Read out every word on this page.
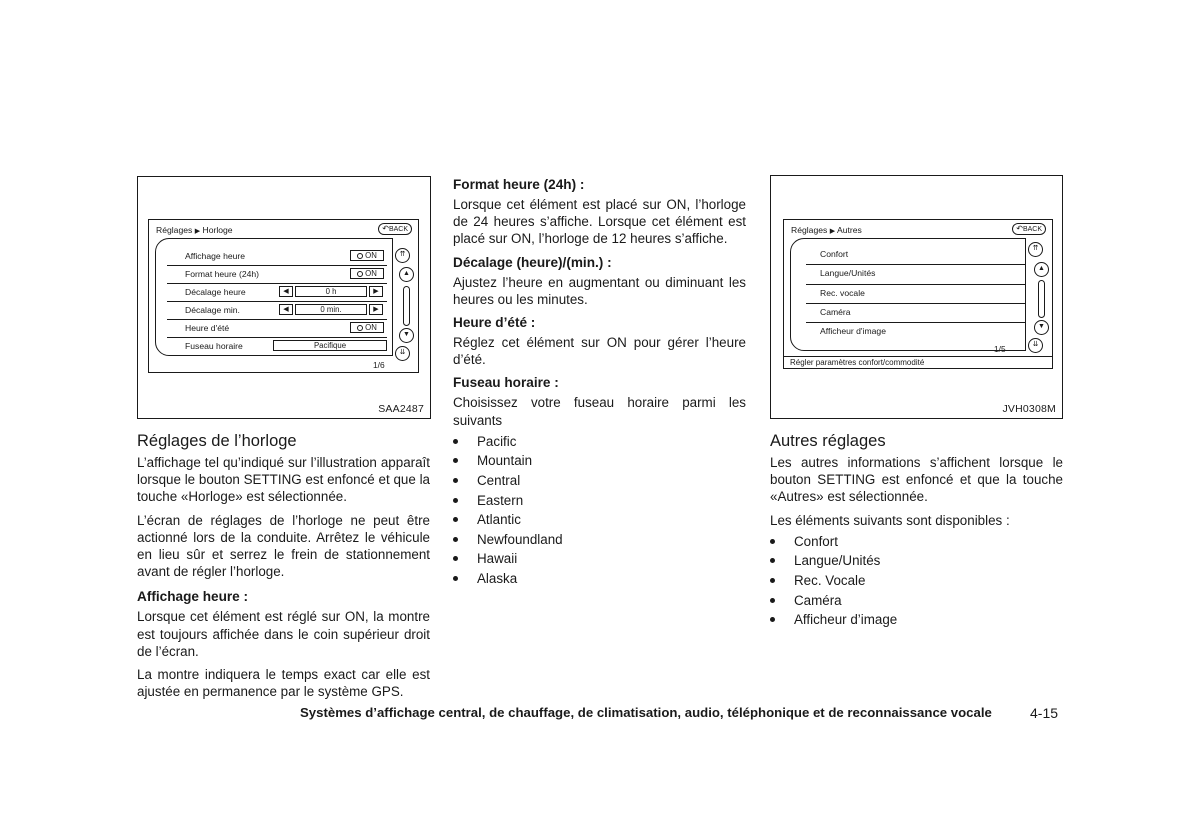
Réglages ▶ Horloge	↶BACK
Affichage heure	ON
Format heure (24h)	ON
Décalage heure	◀	0 h	▶
Décalage min.	◀	0 min.	▶
Heure d'été	ON
Fuseau horaire	Pacifique
⇈
▲
▼
⇊
1/6
SAA2487
Réglages ▶ Autres	↶BACK
Confort
Langue/Unités
Rec. vocale
Caméra
Afficheur d'image
⇈
▲
▼
⇊
1/5
Régler paramètres confort/commodité
JVH0308M
Réglages de l’horloge

L’affichage tel qu’indiqué sur l’illustration apparaît lorsque le bouton SETTING est enfoncé et que la touche «Horloge» est sélectionnée.

L’écran de réglages de l’horloge ne peut être actionné lors de la conduite. Arrêtez le véhicule en lieu sûr et serrez le frein de stationnement avant de régler l’horloge.

Affichage heure :

Lorsque cet élément est réglé sur ON, la montre est toujours affichée dans le coin supérieur droit de l’écran.

La montre indiquera le temps exact car elle est ajustée en permanence par le système GPS.

Format heure (24h) :

Lorsque cet élément est placé sur ON, l’horloge de 24 heures s’affiche. Lorsque cet élément est placé sur ON, l’horloge de 12 heures s’affiche.

Décalage (heure)/(min.) :

Ajustez l’heure en augmentant ou diminuant les heures ou les minutes.

Heure d’été :

Réglez cet élément sur ON pour gérer l’heure d’été.

Fuseau horaire :

Choisissez votre fuseau horaire parmi les suivants

Pacific
Mountain
Central
Eastern
Atlantic
Newfoundland
Hawaii
Alaska
Autres réglages

Les autres informations s’affichent lorsque le bouton SETTING est enfoncé et que la touche «Autres» est sélectionnée.

Les éléments suivants sont disponibles :

Confort
Langue/Unités
Rec. Vocale
Caméra
Afficheur d’image
Systèmes d’affichage central, de chauffage, de climatisation, audio, téléphonique et de reconnaissance vocale	4-15
